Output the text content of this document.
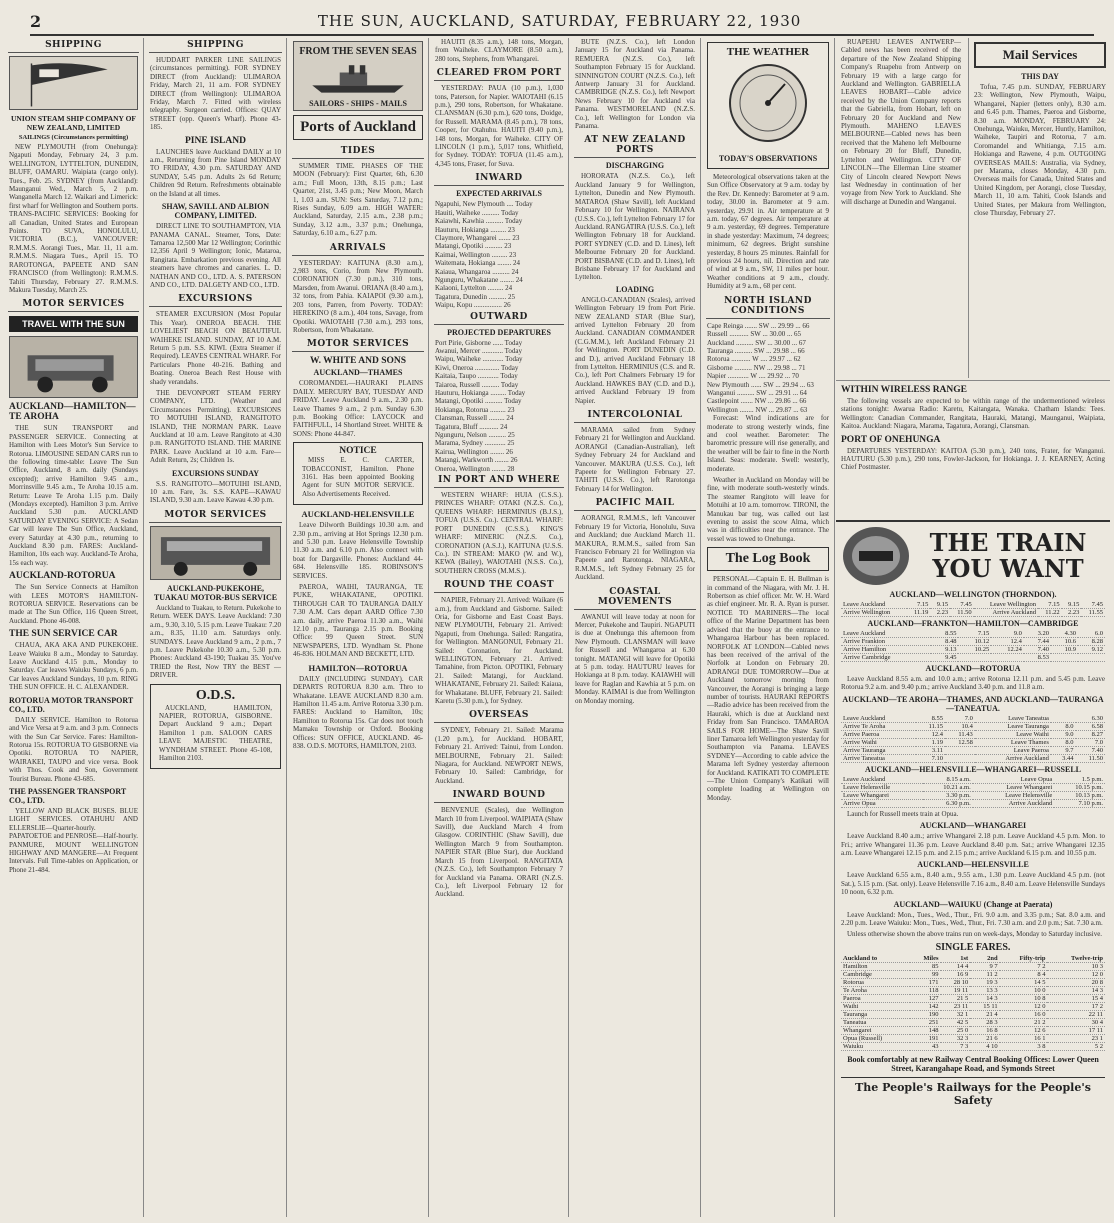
2	THE SUN, AUCKLAND, SATURDAY, FEBRUARY 22, 1930
SHIPPING
UNION STEAM SHIP COMPANY OF NEW ZEALAND, LIMITED
SAILINGS (Circumstances permitting)

NEW PLYMOUTH (from Onehunga): Ngaputi Monday, February 24, 3 p.m. WELLINGTON, LYTTELTON, DUNEDIN, BLUFF, OAMARU. Waipiata (cargo only). Tues., Feb. 25. SYDNEY (from Auckland): Maunganui Wed., March 5, 2 p.m. Wanganella March 12. Waikari and Limerick: first wharf for Wellington and Southern ports. TRANS-PACIFIC SERVICES: Booking for all Canadian, United States and European Points. TO SUVA, HONOLULU, VICTORIA (B.C.), VANCOUVER: R.M.M.S. Aorangi Tues., Mar. 11, 11 a.m. R.M.M.S. Niagara Tues., April 15. TO RAROTONGA, PAPEETE AND SAN FRANCISCO (from Wellington): R.M.M.S. Tahiti Thursday, February 27. R.M.M.S. Makura Tuesday, March 25.

MOTOR SERVICES
TRAVEL WITH THE SUN
AUCKLAND—HAMILTON—TE AROHA

THE SUN TRANSPORT and PASSENGER SERVICE. Connecting at Hamilton with Lees Motor's Sun Service to Rotorua. LIMOUSINE SEDAN CARS run to the following time-table: Leave The Sun Office, Auckland, 8 a.m. daily (Sundays excepted); arrive Hamilton 9.45 a.m., Morrinsville 9.45 a.m., Te Aroha 10.15 a.m. Return: Leave Te Aroha 1.15 p.m. Daily (Mondays excepted). Hamilton 3 p.m. Arrive Auckland 5.30 p.m. AUCKLAND SATURDAY EVENING SERVICE: A Sedan Car will leave The Sun Office, Auckland, every Saturday at 4.30 p.m., returning to Auckland 8.30 p.m. FARES: Auckland-Hamilton, 10s each way. Auckland-Te Aroha, 15s each way.

AUCKLAND-ROTORUA

The Sun Service Connects at Hamilton with LEES MOTOR'S HAMILTON-ROTORUA SERVICE. Reservations can be made at The Sun Office, 116 Queen Street, Auckland. Phone 46-008.

THE SUN SERVICE CAR

CHAUA, AKA AKA AND PUKEKOHE. Leave Waiuku 8 a.m., Monday to Saturday. Leave Auckland 4.15 p.m., Monday to Saturday. Car leaves Waiuku Sundays, 6 p.m. Car leaves Auckland Sundays, 10 p.m. RING THE SUN OFFICE. H. C. ALEXANDER.

ROTORUA MOTOR TRANSPORT CO., LTD.

DAILY SERVICE. Hamilton to Rotorua and Vice Versa at 9 a.m. and 3 p.m. Connects with the Sun Car Service. Fares: Hamilton-Rotorua 15s. ROTORUA TO GISBORNE via Opotiki. ROTORUA TO NAPIER, WAIRAKEI, TAUPO and vice versa. Book with Thos. Cook and Son, Government Tourist Bureau. Phone 43-685.

THE PASSENGER TRANSPORT CO., LTD.

YELLOW AND BLACK BUSES. BLUE LIGHT SERVICES. OTAHUHU AND ELLERSLIE—Quarter-hourly. PAPATOETOE and PENROSE—Half-hourly. PANMURE, MOUNT WELLINGTON HIGHWAY AND MANGERE—At Frequent Intervals. Full Time-tables on Application, or Phone 21-484.

SHIPPING

HUDDART PARKER LINE SAILINGS (circumstances permitting). FOR SYDNEY DIRECT (from Auckland): ULIMAROA Friday, March 21, 11 a.m. FOR SYDNEY DIRECT (from Wellington): ULIMAROA Friday, March 7. Fitted with wireless telegraphy. Surgeon carried. Offices: QUAY STREET (opp. Queen's Wharf). Phone 43-185.

PINE ISLAND

LAUNCHES leave Auckland DAILY at 10 a.m., Returning from Pine Island MONDAY TO FRIDAY, 4.30 p.m. SATURDAY AND SUNDAY, 5.45 p.m. Adults 2s 6d Return; Children 9d Return. Refreshments obtainable on the Island at all times.

SHAW, SAVILL AND ALBION COMPANY, LIMITED.

DIRECT LINE TO SOUTHAMPTON, VIA PANAMA CANAL. Steamer, Tons, Date: Tamaroa 12,500 Mar 12 Wellington; Corinthic 12,356 April 9 Wellington; Ionic, Mataroa, Rangitata. Embarkation previous evening. All steamers have chromes and canaries. L. D. NATHAN AND CO., LTD. A. S. PATERSON AND CO., LTD. DALGETY AND CO., LTD.

EXCURSIONS

STEAMER EXCURSION (Most Popular This Year). ONEROA BEACH. THE LOVELIEST BEACH ON BEAUTIFUL WAIHEKE ISLAND. SUNDAY, AT 10 A.M. Return 5 p.m. S.S. KIWI. (Extra Steamer if Required). LEAVES CENTRAL WHARF. For Particulars Phone 40-216. Bathing and Boating. Oneroa Beach Rest House with shady verandahs.

THE DEVONPORT STEAM FERRY COMPANY, LTD. (Weather and Circumstances Permitting). EXCURSIONS TO MOTUIHI ISLAND, RANGITOTO ISLAND, THE NORMAN PARK. Leave Auckland at 10 a.m. Leave Rangitoto at 4.30 p.m. RANGITOTO ISLAND. THE MARINE PARK. Leave Auckland at 10 a.m. Fare—Adult Return, 2s; Children 1s.

EXCURSIONS SUNDAY

S.S. RANGITOTO—MOTUIHI ISLAND, 10 a.m. Fare, 3s. S.S. KAPE—KAWAU ISLAND, 9.30 a.m. Leave Kawau 4.30 p.m.

MOTOR SERVICES
AUCKLAND-PUKEKOHE, TUAKAU MOTOR-BUS SERVICE

Auckland to Tuakau, to Return. Pukekohe to Return. WEEK DAYS. Leave Auckland: 7.30 a.m., 9.30, 3.10, 5.15 p.m. Leave Tuakau: 7.20 a.m., 8.35, 11.10 a.m. Saturdays only. SUNDAYS. Leave Auckland 9 a.m., 2 p.m., 7 p.m. Leave Pukekohe 10.30 a.m., 5.30 p.m. Phones: Auckland 43-190; Tuakau 35. You've TRIED the Rest, Now TRY the BEST — DRIVER.

O.D.S.

AUCKLAND, HAMILTON, NAPIER, ROTORUA, GISBORNE. Depart Auckland 9 a.m.; Depart Hamilton 1 p.m. SALOON CARS LEAVE MAJESTIC THEATRE, WYNDHAM STREET. Phone 45-108, Hamilton 2103.

FROM THE SEVEN SEAS
SAILORS - SHIPS - MAILS
Ports of Auckland
TIDES

SUMMER TIME. PHASES OF THE MOON (February): First Quarter, 6th, 6.30 a.m.; Full Moon, 13th, 8.15 p.m.; Last Quarter, 21st, 3.45 p.m.; New Moon, March 1, 1.03 a.m. SUN: Sets Saturday, 7.12 p.m.; Rises Sunday, 6.09 a.m. HIGH WATER: Auckland, Saturday, 2.15 a.m., 2.38 p.m.; Sunday, 3.12 a.m., 3.37 p.m.; Onehunga, Saturday, 6.10 a.m., 6.27 p.m.

ARRIVALS

YESTERDAY: KAITUNA (8.30 a.m.), 2,983 tons, Corio, from New Plymouth. CORONATION (7.30 p.m.), 310 tons, Marsden, from Awanui. ORIANA (8.40 a.m.), 32 tons, from Pahia. KAIAPOI (9.30 a.m.), 203 tons, Parren, from Poverty. TODAY: HEREKINO (8 a.m.), 404 tons, Savage, from Opotiki. WAIOTAHI (7.30 a.m.), 293 tons, Robertson, from Whakatane.

MOTOR SERVICES
W. WHITE AND SONS
AUCKLAND—THAMES

COROMANDEL—HAURAKI PLAINS DAILY. MERCURY BAY, TUESDAY AND FRIDAY. Leave Auckland 9 a.m., 2.30 p.m. Leave Thames 9 a.m., 2 p.m. Sunday 6.30 p.m. Booking Office: LAYCOCK and FAITHFULL, 14 Shortland Street. WHITE & SONS: Phone 44-847.

NOTICE

MISS E. C. CARTER, TOBACCONIST, Hamilton. Phone 3161. Has been appointed Booking Agent for SUN MOTOR SERVICE. Also Advertisements Received.

AUCKLAND-HELENSVILLE

Leave Dilworth Buildings 10.30 a.m. and 2.30 p.m., arriving at Hot Springs 12.30 p.m. and 5.30 p.m. Leave Helensville Township 11.30 a.m. and 6.10 p.m. Also connect with boat for Dargaville. Phones: Auckland 44-684. Helensville 185. ROBINSON'S SERVICES.

PAEROA, WAIHI, TAURANGA, TE PUKE, WHAKATANE, OPOTIKI. THROUGH CAR TO TAURANGA DAILY 7.30 A.M. Cars depart AARD Office 7.30 a.m. daily, arrive Paeroa 11.30 a.m., Waihi 12.10 p.m., Tauranga 2.15 p.m. Booking Office: 99 Queen Street. SUN NEWSPAPERS, LTD. Wyndham St. Phone 46-836. HOLMAN AND BECKETT, LTD.

HAMILTON—ROTORUA

DAILY (INCLUDING SUNDAY). CAR DEPARTS ROTORUA 8.30 a.m. Thro to Whakatane. LEAVE AUCKLAND 8.30 a.m. Hamilton 11.45 a.m. Arrive Rotorua 3.30 p.m. FARES: Auckland to Hamilton, 10s; Hamilton to Rotorua 15s. Car does not touch Mamaku Township or Oxford. Booking Offices: SUN OFFICE, AUCKLAND. 46-838. O.D.S. MOTORS, HAMILTON, 2103.

HAUITI (8.35 a.m.), 148 tons, Morgan, from Waiheke. CLAYMORE (8.50 a.m.), 280 tons, Stephens, from Whangarei.

CLEARED FROM PORT

YESTERDAY: PAUA (10 p.m.), 1,030 tons, Paterson, for Napier. WAIOTAHI (6.15 p.m.), 290 tons, Robertson, for Whakatane. CLANSMAN (6.30 p.m.), 620 tons, Doidge, for Russell. MARAMA (8.45 p.m.), 78 tons, Cooper, for Otahuhu. HAUITI (9.40 p.m.), 148 tons, Morgan, for Waiheke. CITY OF LINCOLN (1 p.m.), 5,017 tons, Whitfield, for Sydney. TODAY: TOFUA (11.45 a.m.), 4,345 tons, Fraser, for Suva.

INWARD
EXPECTED ARRIVALS
Ngapuhi, New Plymouth .... Today
Hauiti, Waiheke .......... Today
Kaiawhi, Kawhia .......... Today
Hauturu, Hokianga ......... 23
Claymore, Whangarei ....... 23
Matangi, Opotiki .......... 23
Kaimai, Wellington ......... 23
Waitemata, Hokianga ........ 24
Kaiaua, Whangaroa .......... 24
Ngunguru, Whakatane ........ 24
Kalaoni, Lyttelton ......... 24
Tagatura, Dunedin .......... 25
Waipu, Kopu ................ 26
OUTWARD
PROJECTED DEPARTURES
Port Pirie, Gisborne ...... Today
Awanui, Mercer ............ Today
Waipu, Waiheke ............ Today
Kiwi, Oneroa .............. Today
Kaitaia, Taupo ............ Today
Taiaroa, Russell .......... Today
Hauturu, Hokianga ......... Today
Matangi, Opotiki .......... Today
Hokianga, Rotorua ......... 23
Clansman, Russell ......... 24
Tagatura, Bluff ........... 24
Ngunguru, Nelson .......... 25
Marama, Sydney ............ 25
Kairua, Wellington ........ 26
Matangi, Warkworth ........ 26
Oneroa, Wellington ........ 28
IN PORT AND WHERE

WESTERN WHARF: HUIA (C.S.S.). PRINCES WHARF: OTAKI (N.Z.S. Co.), QUEENS WHARF: HERMINIUS (B.J.S.), TOFUA (U.S.S. Co.). CENTRAL WHARF: PORT DUNEDIN (C.S.S.). KING'S WHARF: MINERIC (N.Z.S. Co.), CORONATION (A.S.J.), KAITUNA (U.S.S. Co.). IN STREAM: MAKO (W. and W.), KEWA (Bailey), WAIOTAHI (N.S.S. Co.), SOUTHERN CROSS (M.M.S.).

ROUND THE COAST

NAPIER, February 21. Arrived: Waikare (6 a.m.), from Auckland and Gisborne. Sailed: Oria, for Gisborne and East Coast Bays. NEW PLYMOUTH, February 21. Arrived: Ngaputi, from Onehunga. Sailed: Rangatira, for Wellington. MANGONUI, February 21. Sailed: Coronation, for Auckland. WELLINGTON, February 21. Arrived: Tamahine, from Picton. OPOTIKI, February 21. Sailed: Matangi, for Auckland. WHAKATANE, February 21. Sailed: Kaiaua, for Whakatane. BLUFF, February 21. Sailed: Karetu (5.30 p.m.), for Sydney.

OVERSEAS

SYDNEY, February 21. Sailed: Marama (1.20 p.m.), for Auckland. HOBART, February 21. Arrived: Tainui, from London. MELBOURNE, February 21. Sailed: Niagara, for Auckland. NEWPORT NEWS, February 10. Sailed: Cambridge, for Auckland.

INWARD BOUND

BENVENUE (Scales), due Wellington March 10 from Liverpool. WAIPIATA (Shaw Savill), due Auckland March 4 from Glasgow. CORINTHIC (Shaw Savill), due Wellington March 9 from Southampton. NAPIER STAR (Blue Star), due Auckland March 15 from Liverpool. RANGITATA (N.Z.S. Co.), left Southampton February 7 for Auckland via Panama. ORARI (N.Z.S. Co.), left Liverpool February 12 for Auckland.

BUTE (N.Z.S. Co.), left London January 15 for Auckland via Panama. REMUERA (N.Z.S. Co.), left Southampton February 15 for Auckland. SINNINGTON COURT (N.Z.S. Co.), left Antwerp January 31 for Auckland. CAMBRIDGE (N.Z.S. Co.), left Newport News February 10 for Auckland via Panama. WESTMORELAND (N.Z.S. Co.), left Wellington for London via Panama.

AT NEW ZEALAND PORTS
DISCHARGING

HORORATA (N.Z.S. Co.), left Auckland January 9 for Wellington, Lyttelton, Dunedin and New Plymouth. MATAROA (Shaw Savill), left Auckland February 10 for Wellington. NAIRANA (U.S.S. Co.), left Lyttelton February 17 for Auckland. RANGATIRA (U.S.S. Co.), left Wellington February 18 for Auckland. PORT SYDNEY (C.D. and D. Lines), left Melbourne February 20 for Auckland. PORT BISBANE (C.D. and D. Lines), left Brisbane February 17 for Auckland and Lyttelton.

LOADING

ANGLO-CANADIAN (Scales), arrived Wellington February 19 from Port Pirie. NEW ZEALAND STAR (Blue Star), arrived Lyttelton February 20 from Auckland. CANADIAN COMMANDER (C.G.M.M.), left Auckland February 21 for Wellington. PORT DUNEDIN (C.D. and D.), arrived Auckland February 18 from Lyttelton. HERMINIUS (C.S. and R. Co.), left Port Chalmers February 19 for Auckland. HAWKES BAY (C.D. and D.), arrived Auckland February 19 from Napier.

INTERCOLONIAL

MARAMA sailed from Sydney February 21 for Wellington and Auckland. AORANGI (Canadian-Australian), left Sydney February 24 for Auckland and Vancouver. MAKURA (U.S.S. Co.), left Papeete for Wellington February 27. TAHITI (U.S.S. Co.), left Rarotonga February 14 for Wellington.

PACIFIC MAIL

AORANGI, R.M.M.S., left Vancouver February 19 for Victoria, Honolulu, Suva and Auckland; due Auckland March 11. MAKURA, R.M.M.S., sailed from San Francisco February 21 for Wellington via Papeete and Rarotonga. NIAGARA, R.M.M.S., left Sydney February 25 for Auckland.

COASTAL MOVEMENTS

AWANUI will leave today at noon for Mercer, Pukekohe and Taupiri. NGAPUTI is due at Onehunga this afternoon from New Plymouth. CLANSMAN will leave for Russell and Whangaroa at 6.30 tonight. MATANGI will leave for Opotiki at 5 p.m. today. HAUTURU leaves for Hokianga at 8 p.m. today. KAIAWHI will leave for Raglan and Kawhia at 5 p.m. on Monday. KAIMAI is due from Wellington on Monday morning.

THE WEATHER
TODAY'S OBSERVATIONS

Meteorological observations taken at the Sun Office Observatory at 9 a.m. today by the Rev. Dr. Kennedy: Barometer at 9 a.m. today, 30.00 in. Barometer at 9 a.m. yesterday, 29.91 in. Air temperature at 9 a.m. today, 67 degrees. Air temperature at 9 a.m. yesterday, 69 degrees. Temperature in shade yesterday: Maximum, 74 degrees; minimum, 62 degrees. Bright sunshine yesterday, 8 hours 25 minutes. Rainfall for previous 24 hours, nil. Direction and rate of wind at 9 a.m., SW, 11 miles per hour. Weather conditions at 9 a.m., cloudy. Humidity at 9 a.m., 68 per cent.

NORTH ISLAND CONDITIONS
Cape Reinga ....... SW ... 29.99 ... 66
Russell ........... SW ... 30.00 ... 65
Auckland .......... SW ... 30.00 ... 67
Tauranga .......... SW ... 29.98 ... 66
Rotorua ........... W .... 29.97 ... 62
Gisborne .......... NW ... 29.98 ... 71
Napier ............ W .... 29.92 ... 70
New Plymouth ...... SW ... 29.94 ... 63
Wanganui .......... SW ... 29.91 ... 64
Castlepoint ....... NW ... 29.86 ... 66
Wellington ........ NW ... 29.87 ... 63

Forecast: Wind indications are for moderate to strong westerly winds, fine and cool weather. Barometer: The barometric pressure will rise generally, and the weather will be fair to fine in the North Island. Seas: moderate. Swell: westerly, moderate.

Weather in Auckland on Monday will be fine, with moderate south-westerly winds. The steamer Rangitoto will leave for Motuihi at 10 a.m. tomorrow. TIRONI, the Manukau bar tug, was called out last evening to assist the scow Alma, which was in difficulties near the entrance. The vessel was towed to Onehunga.

The Log Book

PERSONAL—Captain E. H. Bullman is in command of the Niagara, with Mr. J. H. Robertson as chief officer. Mr. W. H. Ward as chief engineer. Mr. R. A. Ryan is purser. NOTICE TO MARINERS—The local office of the Marine Department has been advised that the buoy at the entrance to Whangaroa Harbour has been replaced. NORFOLK AT LONDON—Cabled news has been received of the arrival of the Norfolk at London on February 20. ADRANGI DUE TOMORROW—Due at Auckland tomorrow morning from Vancouver, the Aorangi is bringing a large number of tourists. HAURAKI REPORTS—Radio advice has been received from the Hauraki, which is due at Auckland next Friday from San Francisco. TAMAROA SAILS FOR HOME—The Shaw Savill liner Tamaroa left Wellington yesterday for Southampton via Panama. LEAVES SYDNEY—According to cable advice the Marama left Sydney yesterday afternoon for Auckland. KATIKATI TO COMPLETE—The Union Company's Katikati will complete loading at Wellington on Monday.

RUAPEHU LEAVES ANTWERP—Cabled news has been received of the departure of the New Zealand Shipping Company's Ruapehu from Antwerp on February 19 with a large cargo for Auckland and Wellington. GABRIELLA LEAVES HOBART—Cable advice received by the Union Company reports that the Gabriella, from Hobart, left on February 20 for Auckland and New Plymouth. MAHENO LEAVES MELBOURNE—Cabled news has been received that the Maheno left Melbourne on February 20 for Bluff, Dunedin, Lyttelton and Wellington. CITY OF LINCOLN—The Ellerman Line steamer City of Lincoln cleared Newport News last Wednesday in continuation of her voyage from New York to Auckland. She will discharge at Dunedin and Wanganui.

Mail Services
THIS DAY

Tofua, 7.45 p.m. SUNDAY, FEBRUARY 23: Wellington, New Plymouth, Waipu, Whangarei, Napier (letters only), 8.30 a.m. and 6.45 p.m. Thames, Paeroa and Gisborne, 8.30 a.m. MONDAY, FEBRUARY 24: Onehunga, Waiuku, Mercer, Huntly, Hamilton, Waiheke, Taupiri and Rotorua, 7 a.m. Coromandel and Whitianga, 7.15 a.m. Hokianga and Rawene, 4 p.m. OUTGOING OVERSEAS MAILS: Australia, via Sydney, per Marama, closes Monday, 4.30 p.m. Overseas mails for Canada, United States and United Kingdom, per Aorangi, close Tuesday, March 11, 10 a.m. Tahiti, Cook Islands and United States, per Makura from Wellington, close Thursday, February 27.

WITHIN WIRELESS RANGE

The following vessels are expected to be within range of the undermentioned wireless stations tonight: Awarua Radio: Karetu, Kaitangata, Wanaka. Chatham Islands: Tees. Wellington: Canadian Commander, Rangitata, Hauraki, Matangi, Maunganui, Waipiata, Kaitoa. Auckland: Niagara, Marama, Tagatura, Aorangi, Clansman.

PORT OF ONEHUNGA

DEPARTURES YESTERDAY: KAITOA (5.30 p.m.), 240 tons, Frater, for Wanganui. HAUTURU (5.30 p.m.), 290 tons, Fowler-Jackson, for Hokianga. J. J. KEARNEY, Acting Chief Postmaster.

THE TRAIN
YOU WANT
AUCKLAND—WELLINGTON (THORNDON).
Leave Auckland	7.15	9.15	7.45	Leave Wellington	7.15	9.15	7.45
Arrive Wellington	11.19	2.23	11.50	Arrive Auckland	11.22	2.23	11.55
AUCKLAND—FRANKTON—HAMILTON—CAMBRIDGE
Leave Auckland	8.55	7.15	9.0	3.20	4.30	6.0
Arrive Frankton	8.48	10.12	12.4	7.44	10.6	8.28
Arrive Hamilton	9.13	10.25	12.24	7.40	10.9	9.12
Arrive Cambridge	9.45			8.53		
AUCKLAND—ROTORUA

Leave Auckland 8.55 a.m. and 10.0 a.m.; arrive Rotorua 12.11 p.m. and 5.45 p.m. Leave Rotorua 9.2 a.m. and 9.40 p.m.; arrive Auckland 3.40 p.m. and 11.8 a.m.

AUCKLAND—TE AROHA—THAMES, AND AUCKLAND—TAURANGA—TANEATUA.
Leave Auckland	8.55	7.0	Leave Taneatua		6.30
Arrive Te Aroha	11.15	10.4	Leave Tauranga	8.0	6.58
Arrive Paeroa	12.4	11.43	Leave Waihi	9.0	8.27
Arrive Waihi	1.19	12.58	Leave Thames	8.0	7.0
Arrive Tauranga	3.11		Leave Paeroa	9.7	7.40
Arrive Taneatua	7.10		Arrive Auckland	3.44	11.50
AUCKLAND—HELENSVILLE—WHANGAREI—RUSSELL
Leave Auckland	8.15 a.m.	Leave Opua	1.5 p.m.
Leave Helensville	10.21 a.m.	Leave Whangarei	10.15 p.m.
Leave Whangarei	3.30 p.m.	Leave Helensville	10.13 p.m.
Arrive Opua	6.30 p.m.	Arrive Auckland	7.10 p.m.

Launch for Russell meets train at Opua.

AUCKLAND—WHANGAREI

Leave Auckland 8.40 a.m.; arrive Whangarei 2.18 p.m. Leave Auckland 4.5 p.m. Mon. to Fri.; arrive Whangarei 11.36 p.m. Leave Auckland 8.40 p.m. Sat.; arrive Whangarei 12.35 a.m. Leave Whangarei 12.15 p.m. and 2.15 p.m.; arrive Auckland 6.15 p.m. and 10.55 p.m.

AUCKLAND—HELENSVILLE

Leave Auckland 6.55 a.m., 8.40 a.m., 9.55 a.m., 1.30 p.m. Leave Auckland 4.5 p.m. (not Sat.), 5.15 p.m. (Sat. only). Leave Helensville 7.16 a.m., 8.40 a.m. Leave Helensville Sundays 10 noon, 6.32 p.m.

AUCKLAND—WAIUKU (Change at Paerata)

Leave Auckland: Mon., Tues., Wed., Thur., Fri. 9.0 a.m. and 3.35 p.m.; Sat. 8.0 a.m. and 2.20 p.m. Leave Waiuku: Mon., Tues., Wed., Thur., Fri. 7.30 a.m. and 2.0 p.m.; Sat. 7.30 a.m.

Unless otherwise shown the above trains run on week-days, Monday to Saturday inclusive.

SINGLE FARES.
Auckland to	Miles	1st	2nd	Fifty-trip	Twelve-trip
Hamilton	85	14 4	9 7	7 2	10 3
Cambridge	99	16 9	11 2	8 4	12 0
Rotorua	171	28 10	19 3	14 5	20 8
Te Aroha	118	19 11	13 3	10 0	14 3
Paeroa	127	21 5	14 3	10 8	15 4
Waihi	142	23 11	15 11	12 0	17 2
Tauranga	190	32 1	21 4	16 0	22 11
Taneatua	251	42 5	28 3	21 2	30 4
Whangarei	148	25 0	16 8	12 6	17 11
Opua (Russell)	191	32 3	21 6	16 1	23 1
Waiuku	43	7 3	4 10	3 8	5 2
Book comfortably at new Railway Central Booking Offices: Lower Queen Street, Karangahape Road, and Symonds Street
The People's Railways for the People's Safety
